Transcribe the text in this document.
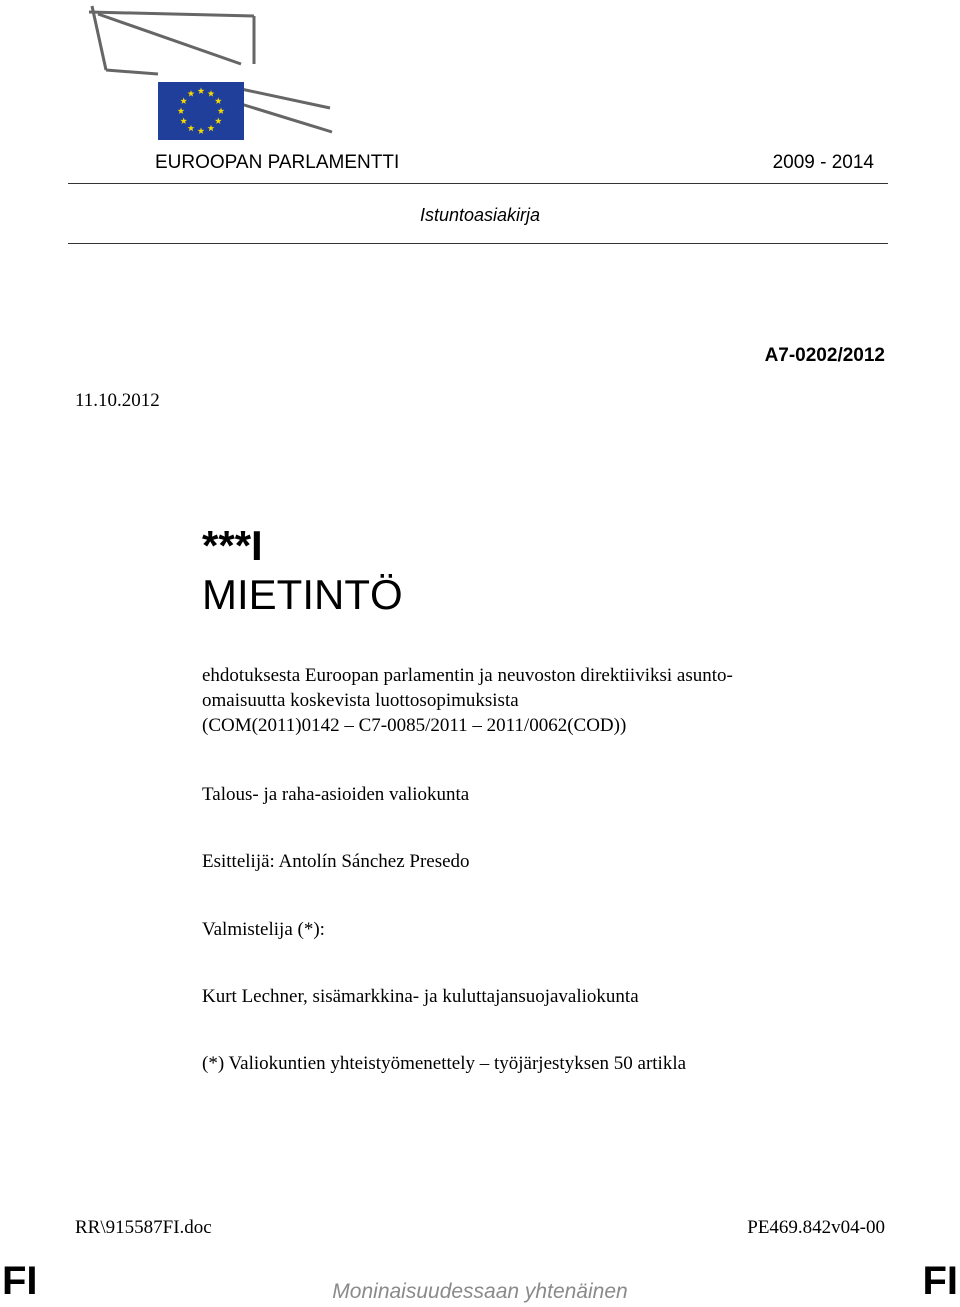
EUROOPAN PARLAMENTTI	2009 - 2014
Istuntoasiakirja
A7-0202/2012
11.10.2012
***I
MIETINTÖ
ehdotuksesta Euroopan parlamentin ja neuvoston direktiiviksi asunto-
omaisuutta koskevista luottosopimuksista
(COM(2011)0142 – C7-0085/2011 – 2011/0062(COD))
Talous- ja raha-asioiden valiokunta
Esittelijä: Antolín Sánchez Presedo
Valmistelija (*):
Kurt Lechner, sisämarkkina- ja kuluttajansuojavaliokunta
(*) Valiokuntien yhteistyömenettely – työjärjestyksen 50 artikla
RR\915587FI.doc	PE469.842v04-00
FI	Moninaisuudessaan yhtenäinen	FI
